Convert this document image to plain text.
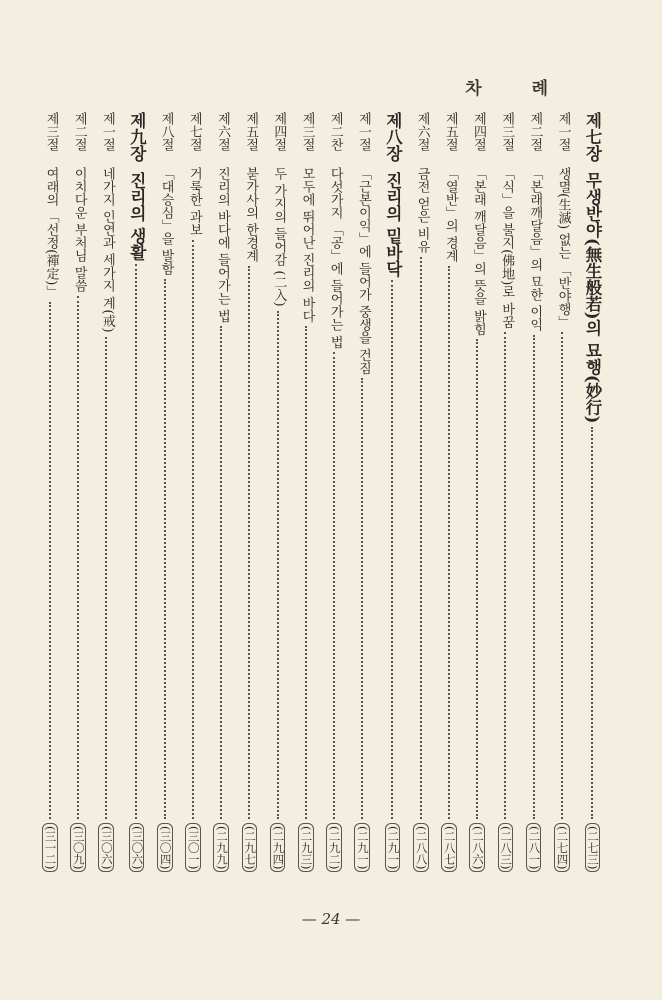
차 례
제七장
무생반야(無生般若)의 묘행(妙行)
(二七三)
제一절
생멸(生滅) 없는 「반야행」
(二七四)
제二절
「본래깨달음」의 묘한 이익
(二八一)
제三절
「식」을 불지(佛地)로 바꿈
(二八三)
제四절
「본래 깨달음」의 뜻을 밝힘
(二八六)
제五절
「열반」의 경계
(二八七)
제六절
금전 얻은 비유
(二八八)
제八장
진리의 밑바닥
(二九一)
제一절
「근본이익」에 들어가 중생을 건짐
(二九一)
제二찬
다섯가지 「공」에 들어가는 법
(二九二)
제三절
모두에 뛰어난 진리의 바다
(二九三)
제四절
두 가지의 들어감 (二入)
(二九四)
제五절
붇가사의 한경계
(二九七)
제六절
진리의 바다에 들어가는 법
(二九九)
제七절
거룩한 과보
(三〇一)
제八절
「대승심」을 발함
(三〇四)
제九장
진리의 생활
(三〇六)
제一절
네가지 인연과 세가지 계(戒)
(三〇六)
제二절
이치다운 부처님 말씀
(三〇九)
제三절
여래의 「선정(禪定)」
(三一二)
— 24 —
